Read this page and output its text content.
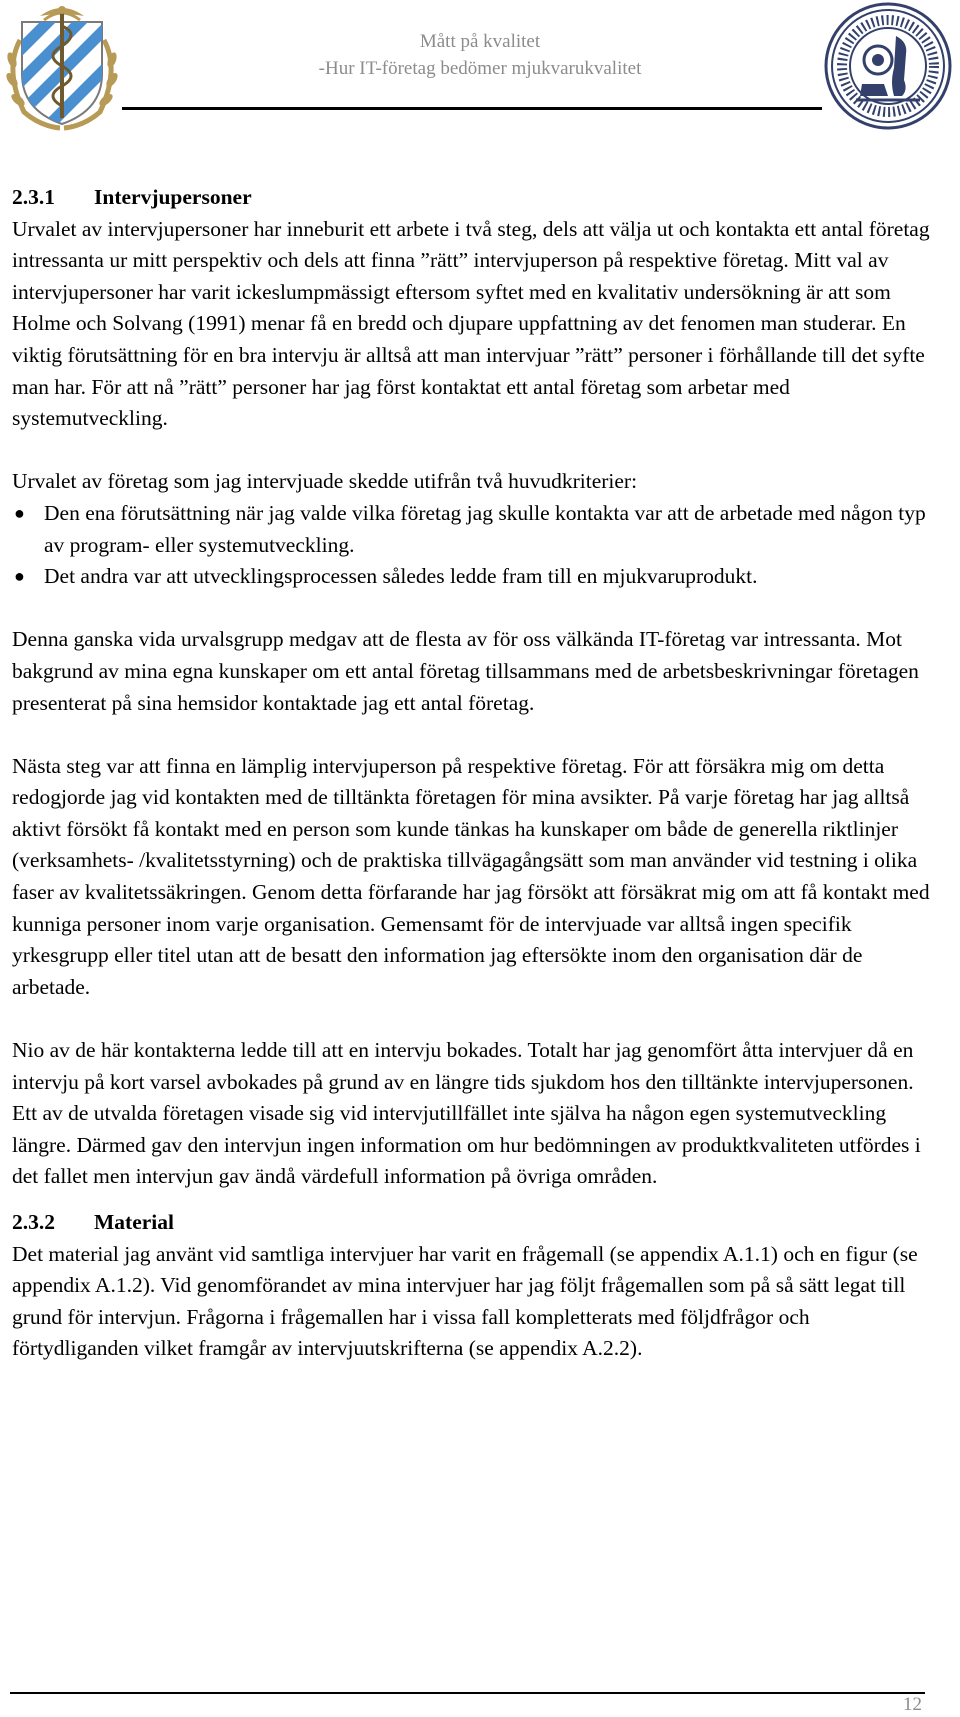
Mått på kvalitet
-Hur IT-företag bedömer mjukvarukvalitet
2.3.1 Intervjupersoner

Urvalet av intervjupersoner har inneburit ett arbete i två steg, dels att välja ut och kontakta ett antal företag intressanta ur mitt perspektiv och dels att finna ”rätt” intervjuperson på respektive företag. Mitt val av intervjupersoner har varit ickeslumpmässigt eftersom syftet med en kvalitativ undersökning är att som Holme och Solvang (1991) menar få en bredd och djupare uppfattning av det fenomen man studerar. En viktig förutsättning för en bra intervju är alltså att man intervjuar ”rätt” personer i förhållande till det syfte man har. För att nå ”rätt” personer har jag först kontaktat ett antal företag som arbetar med systemutveckling.

Urvalet av företag som jag intervjuade skedde utifrån två huvudkriterier:

● Den ena förutsättning när jag valde vilka företag jag skulle kontakta var att de arbetade med någon typ av program- eller systemutveckling.
● Det andra var att utvecklingsprocessen således ledde fram till en mjukvaruprodukt.

Denna ganska vida urvalsgrupp medgav att de flesta av för oss välkända IT-företag var intressanta. Mot bakgrund av mina egna kunskaper om ett antal företag tillsammans med de arbetsbeskrivningar företagen presenterat på sina hemsidor kontaktade jag ett antal företag.

Nästa steg var att finna en lämplig intervjuperson på respektive företag. För att försäkra mig om detta redogjorde jag vid kontakten med de tilltänkta företagen för mina avsikter. På varje företag har jag alltså aktivt försökt få kontakt med en person som kunde tänkas ha kunskaper om både de generella riktlinjer (verksamhets- /kvalitetsstyrning) och de praktiska tillvägagångsätt som man använder vid testning i olika faser av kvalitetssäkringen. Genom detta förfarande har jag försökt att försäkrat mig om att få kontakt med kunniga personer inom varje organisation. Gemensamt för de intervjuade var alltså ingen specifik yrkesgrupp eller titel utan att de besatt den information jag eftersökte inom den organisation där de arbetade.

Nio av de här kontakterna ledde till att en intervju bokades. Totalt har jag genomfört åtta intervjuer då en intervju på kort varsel avbokades på grund av en längre tids sjukdom hos den tilltänkte intervjupersonen. Ett av de utvalda företagen visade sig vid intervjutillfället inte själva ha någon egen systemutveckling längre. Därmed gav den intervjun ingen information om hur bedömningen av produktkvaliteten utfördes i det fallet men intervjun gav ändå värdefull information på övriga områden.

2.3.2 Material

Det material jag använt vid samtliga intervjuer har varit en frågemall (se appendix A.1.1) och en figur (se appendix A.1.2). Vid genomförandet av mina intervjuer har jag följt frågemallen som på så sätt legat till grund för intervjun. Frågorna i frågemallen har i vissa fall kompletterats med följdfrågor och förtydliganden vilket framgår av intervjuutskrifterna (se appendix A.2.2).

12
